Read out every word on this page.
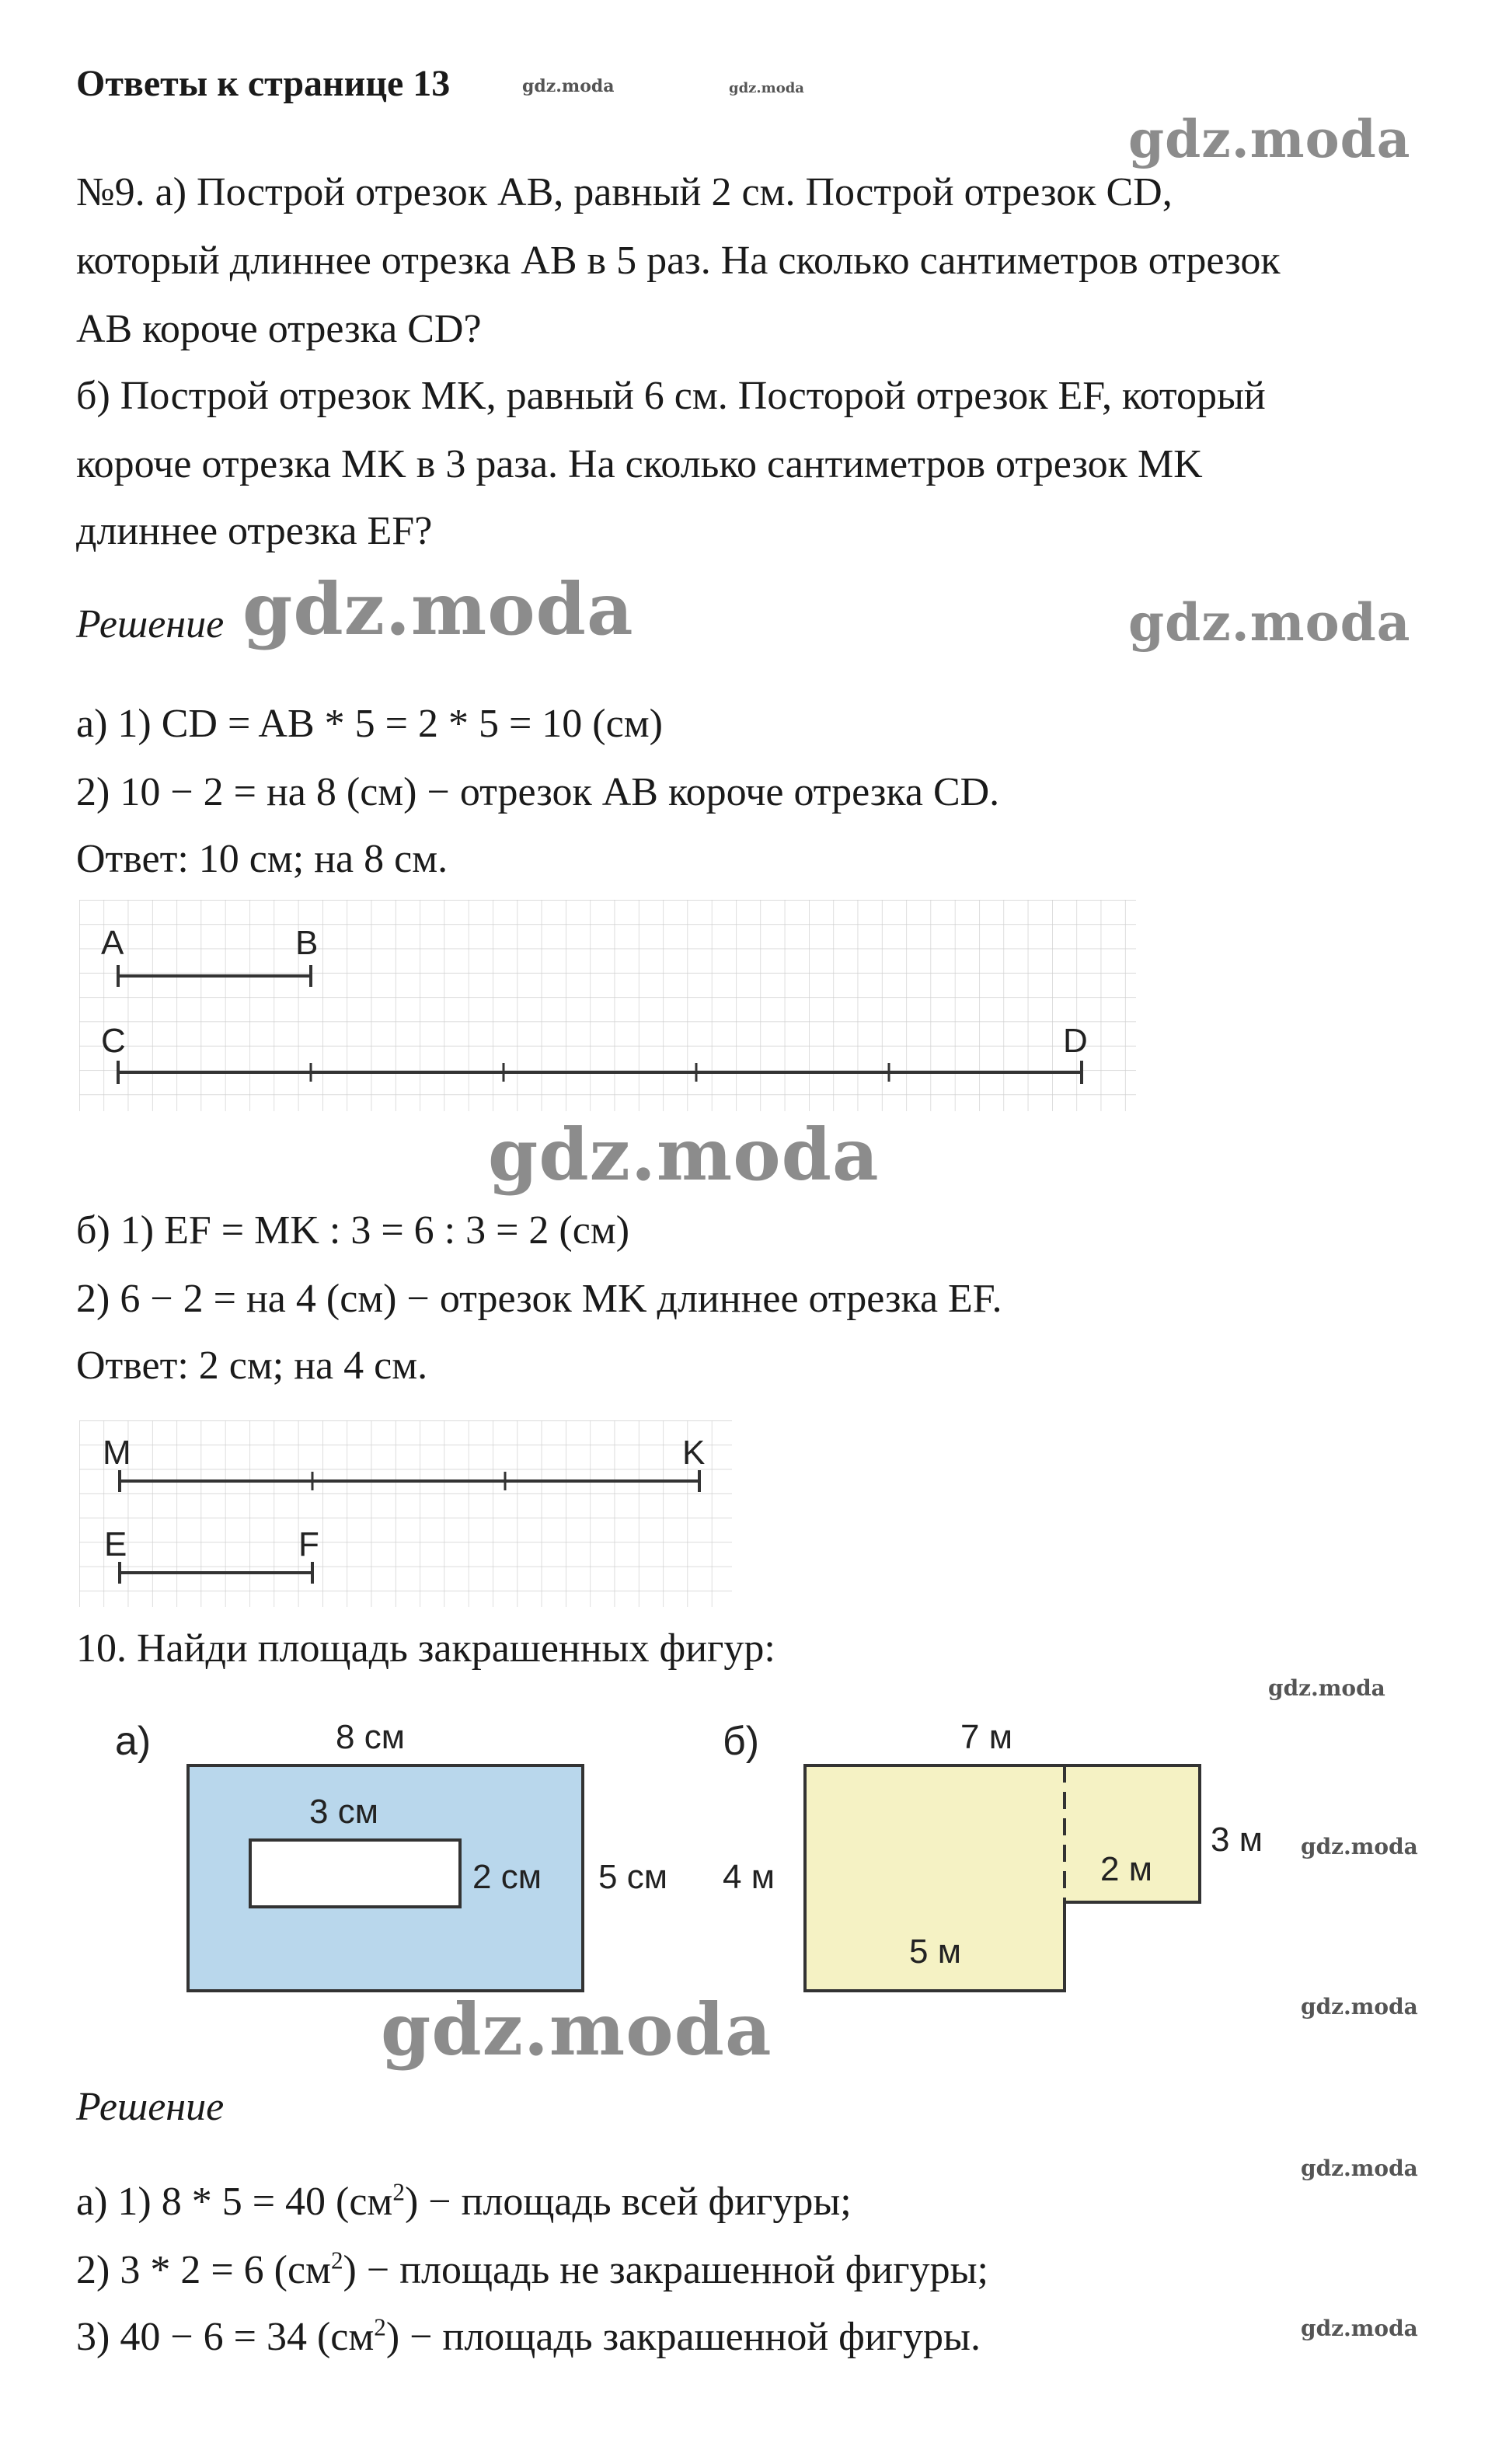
Ответы к странице 13	gdz.moda	gdz.moda
gdz.moda
№9. а) Построй отрезок AB, равный 2 см. Построй отрезок CD,
который длиннее отрезка AB в 5 раз. На сколько сантиметров отрезок
AB короче отрезка CD?
б) Построй отрезок MK, равный 6 см. Посторой отрезок EF, который
короче отрезка MK в 3 раза. На сколько сантиметров отрезок MK
длиннее отрезка EF?
Решение gdz.moda	gdz.moda
а) 1) CD = AB * 5 = 2 * 5 = 10 (см)
2) 10 − 2 = на 8 (см) − отрезок AB короче отрезка CD.
Ответ: 10 см; на 8 см.
A	B
C	D
gdz.moda
б) 1) EF = MK : 3 = 6 : 3 = 2 (см)
2) 6 − 2 = на 4 (см) − отрезок MK длиннее отрезка EF.
Ответ: 2 см; на 4 см.
M	K
E	F
10. Найди площадь закрашенных фигур:
gdz.moda
а)	8 см
3 см
2 см 5 см
б)	7 м
3 м
2 м
4 м
5 м
gdz.moda
gdz.moda
gdz.moda
Решение
gdz.moda
а) 1) 8 * 5 = 40 $(см^2)$ − площадь всей фигуры;
2) 3 * 2 = 6 $(см^2)$ − площадь не закрашенной фигуры;
3) 40 − 6 = 34 $(см^2)$ − площадь закрашенной фигуры.	gdz.moda
